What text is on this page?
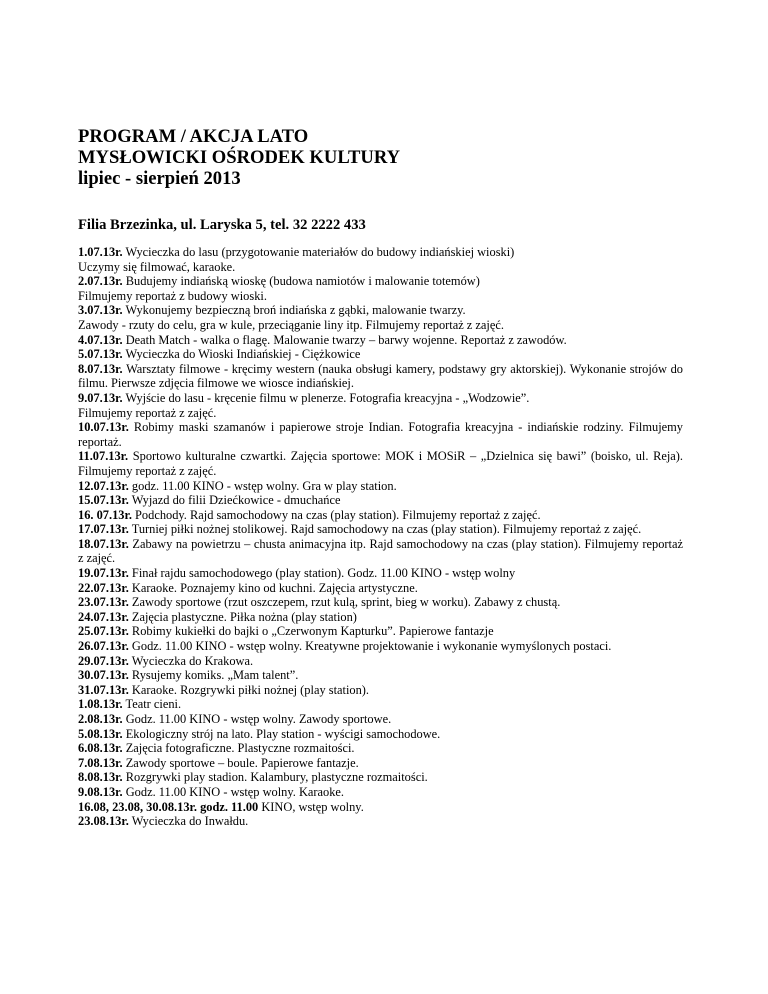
PROGRAM / AKCJA LATO
MYSŁOWICKI OŚRODEK KULTURY
lipiec - sierpień 2013
Filia Brzezinka, ul. Laryska 5, tel. 32 2222 433
1.07.13r. Wycieczka do lasu (przygotowanie materiałów do budowy indiańskiej wioski)
Uczymy się filmować, karaoke.
2.07.13r. Budujemy indiańską wioskę (budowa namiotów i malowanie totemów)
Filmujemy reportaż z budowy wioski.
3.07.13r. Wykonujemy bezpieczną broń indiańska z gąbki, malowanie twarzy.
Zawody - rzuty do celu, gra w kule, przeciąganie liny itp. Filmujemy reportaż z zajęć.
4.07.13r. Death Match - walka o flagę. Malowanie twarzy – barwy wojenne. Reportaż z zawodów.
5.07.13r. Wycieczka do Wioski Indiańskiej - Ciężkowice
8.07.13r. Warsztaty filmowe - kręcimy western (nauka obsługi kamery, podstawy gry aktorskiej). Wykonanie strojów do filmu. Pierwsze zdjęcia filmowe we wiosce indiańskiej.
9.07.13r. Wyjście do lasu - kręcenie filmu w plenerze. Fotografia kreacyjna - „Wodzowie”.
Filmujemy reportaż z zajęć.
10.07.13r. Robimy maski szamanów i papierowe stroje Indian. Fotografia kreacyjna - indiańskie rodziny. Filmujemy reportaż.
11.07.13r. Sportowo kulturalne czwartki. Zajęcia sportowe: MOK i MOSiR – „Dzielnica się bawi” (boisko, ul. Reja). Filmujemy reportaż z zajęć.
12.07.13r. godz. 11.00 KINO - wstęp wolny. Gra w play station.
15.07.13r. Wyjazd do filii Dziećkowice - dmuchańce
16. 07.13r. Podchody. Rajd samochodowy na czas (play station). Filmujemy reportaż z zajęć.
17.07.13r. Turniej piłki nożnej stolikowej. Rajd samochodowy na czas (play station). Filmujemy reportaż z zajęć.
18.07.13r. Zabawy na powietrzu – chusta animacyjna itp. Rajd samochodowy na czas (play station). Filmujemy reportaż z zajęć.
19.07.13r. Finał rajdu samochodowego (play station). Godz. 11.00 KINO - wstęp wolny
22.07.13r. Karaoke. Poznajemy kino od kuchni. Zajęcia artystyczne.
23.07.13r. Zawody sportowe (rzut oszczepem, rzut kulą, sprint, bieg w worku). Zabawy z chustą.
24.07.13r. Zajęcia plastyczne. Piłka nożna (play station)
25.07.13r. Robimy kukiełki do bajki o „Czerwonym Kapturku”. Papierowe fantazje
26.07.13r. Godz. 11.00 KINO - wstęp wolny. Kreatywne projektowanie i wykonanie wymyślonych postaci.
29.07.13r. Wycieczka do Krakowa.
30.07.13r. Rysujemy komiks. „Mam talent”.
31.07.13r. Karaoke. Rozgrywki piłki nożnej (play station).
1.08.13r. Teatr cieni.
2.08.13r. Godz. 11.00 KINO - wstęp wolny. Zawody sportowe.
5.08.13r. Ekologiczny strój na lato. Play station - wyścigi samochodowe.
6.08.13r. Zajęcia fotograficzne. Plastyczne rozmaitości.
7.08.13r. Zawody sportowe – boule. Papierowe fantazje.
8.08.13r. Rozgrywki play stadion. Kalambury, plastyczne rozmaitości.
9.08.13r. Godz. 11.00 KINO - wstęp wolny. Karaoke.
16.08, 23.08, 30.08.13r. godz. 11.00 KINO, wstęp wolny.
23.08.13r. Wycieczka do Inwałdu.
